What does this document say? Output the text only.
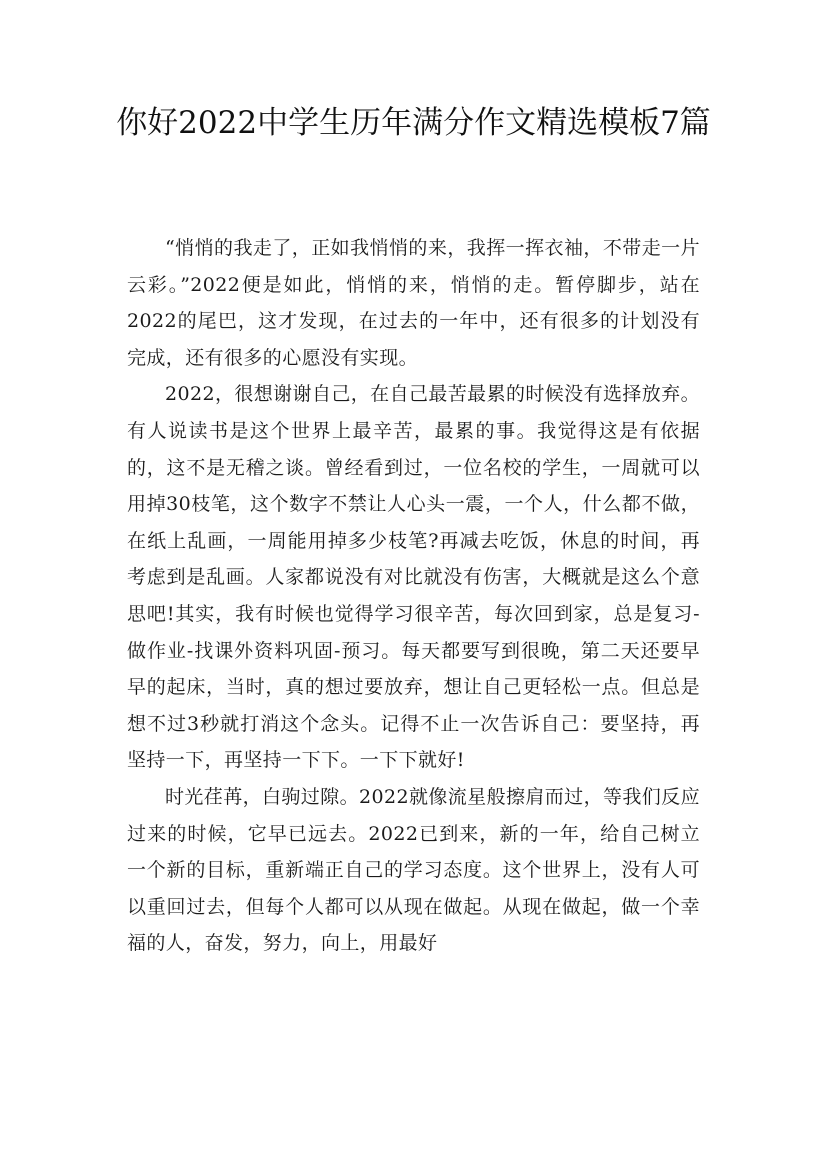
你好2022中学生历年满分作文精选模板7篇

“悄悄的我走了，正如我悄悄的来，我挥一挥衣袖，不带走一片云彩。”2022便是如此，悄悄的来，悄悄的走。暂停脚步，站在2022的尾巴，这才发现，在过去的一年中，还有很多的计划没有完成，还有很多的心愿没有实现。

2022，很想谢谢自己，在自己最苦最累的时候没有选择放弃。有人说读书是这个世界上最辛苦，最累的事。我觉得这是有依据的，这不是无稽之谈。曾经看到过，一位名校的学生，一周就可以用掉30枝笔，这个数字不禁让人心头一震，一个人，什么都不做，在纸上乱画，一周能用掉多少枝笔?再减去吃饭，休息的时间，再考虑到是乱画。人家都说没有对比就没有伤害，大概就是这么个意思吧!其实，我有时候也觉得学习很辛苦，每次回到家，总是复习-做作业-找课外资料巩固-预习。每天都要写到很晚，第二天还要早早的起床，当时，真的想过要放弃，想让自己更轻松一点。但总是想不过3秒就打消这个念头。记得不止一次告诉自己：要坚持，再坚持一下，再坚持一下下。一下下就好!

时光荏苒，白驹过隙。2022就像流星般擦肩而过，等我们反应过来的时候，它早已远去。2022已到来，新的一年，给自己树立一个新的目标，重新端正自己的学习态度。这个世界上，没有人可以重回过去，但每个人都可以从现在做起。从现在做起，做一个幸福的人，奋发，努力，向上，用最好
